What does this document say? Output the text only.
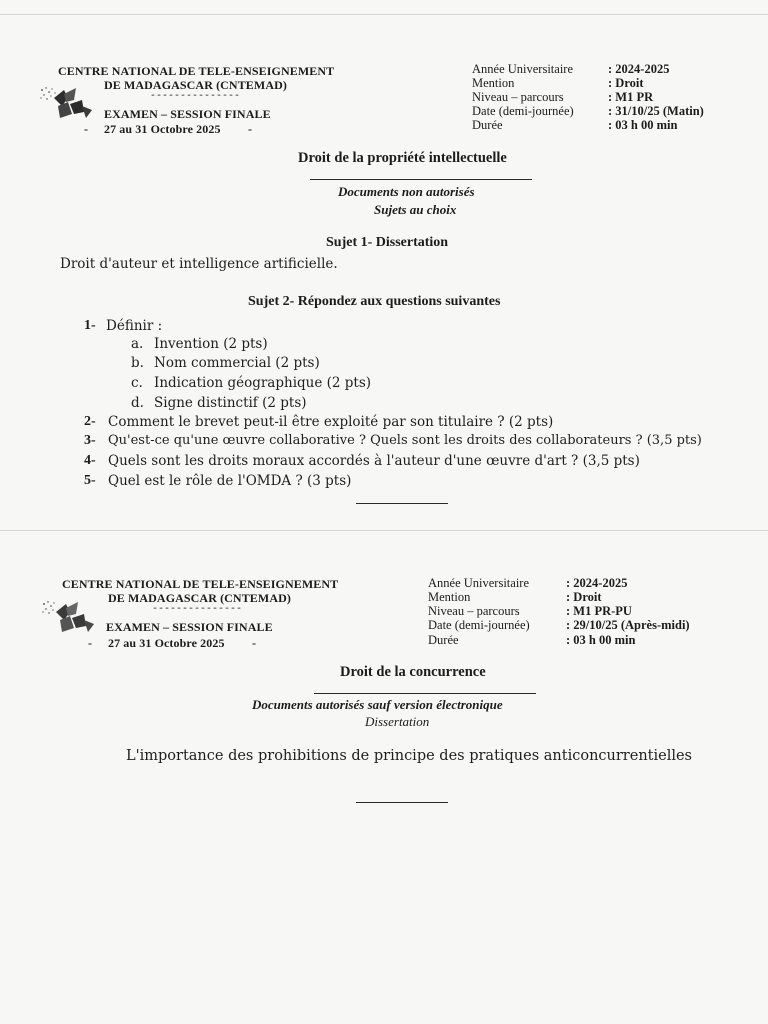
CENTRE NATIONAL DE TELE-ENSEIGNEMENT
DE MADAGASCAR (CNTEMAD)
---------------
EXAMEN – SESSION FINALE
- 27 au 31 Octobre 2025 -
Année Universitaire	: 2024-2025
Mention	: Droit
Niveau – parcours	: M1 PR
Date (demi-journée)	: 31/10/25 (Matin)
Durée	: 03 h 00 min
Droit de la propriété intellectuelle
Documents non autorisés
Sujets au choix
Sujet 1- Dissertation
Droit d'auteur et intelligence artificielle.
Sujet 2- Répondez aux questions suivantes
1- Définir :
a. Invention (2 pts)
b. Nom commercial (2 pts)
c. Indication géographique (2 pts)
d. Signe distinctif (2 pts)
2- Comment le brevet peut-il être exploité par son titulaire ? (2 pts)
3- Qu'est-ce qu'une œuvre collaborative ? Quels sont les droits des collaborateurs ? (3,5 pts)
4- Quels sont les droits moraux accordés à l'auteur d'une œuvre d'art ? (3,5 pts)
5- Quel est le rôle de l'OMDA ? (3 pts)
CENTRE NATIONAL DE TELE-ENSEIGNEMENT
DE MADAGASCAR (CNTEMAD)
---------------
EXAMEN – SESSION FINALE
- 27 au 31 Octobre 2025 -
Année Universitaire	: 2024-2025
Mention	: Droit
Niveau – parcours	: M1 PR-PU
Date (demi-journée)	: 29/10/25 (Après-midi)
Durée	: 03 h 00 min
Droit de la concurrence
Documents autorisés sauf version électronique
Dissertation
L'importance des prohibitions de principe des pratiques anticoncurrentielles
